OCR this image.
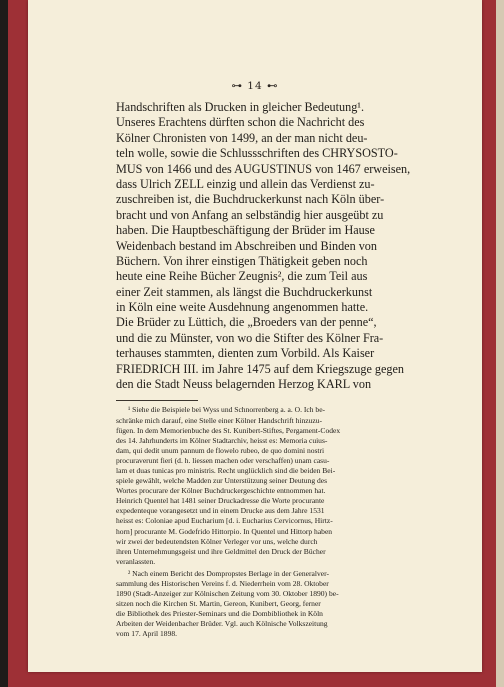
⊶ 14 ⊷
Handschriften als Drucken in gleicher Bedeutung¹.
Unseres Erachtens dürften schon die Nachricht des
Kölner Chronisten von 1499, an der man nicht deu-
teln wolle, sowie die Schlussschriften des CHRYSOSTO-
MUS von 1466 und des AUGUSTINUS von 1467 erweisen,
dass Ulrich ZELL einzig und allein das Verdienst zu-
zuschreiben ist, die Buchdruckerkunst nach Köln über-
bracht und von Anfang an selbständig hier ausgeübt zu
haben. Die Hauptbeschäftigung der Brüder im Hause
Weidenbach bestand im Abschreiben und Binden von
Büchern. Von ihrer einstigen Thätigkeit geben noch
heute eine Reihe Bücher Zeugnis², die zum Teil aus
einer Zeit stammen, als längst die Buchdruckerkunst
in Köln eine weite Ausdehnung angenommen hatte.
Die Brüder zu Lüttich, die „Broeders van der penne“,
und die zu Münster, von wo die Stifter des Kölner Fra-
terhauses stammten, dienten zum Vorbild. Als Kaiser
FRIEDRICH III. im Jahre 1475 auf dem Kriegszuge gegen
den die Stadt Neuss belagernden Herzog KARL von
¹ Siehe die Beispiele bei Wyss und Schnorrenberg a. a. O. Ich be-
schränke mich darauf, eine Stelle einer Kölner Handschrift hinzuzu-
fügen. In dem Memorienbuche des St. Kunibert-Stiftes, Pergament-Codex
des 14. Jahrhunderts im Kölner Stadtarchiv, heisst es: Memoria cuius-
dam, qui dedit unum pannum de flowelo rubeo, de quo domini nostri
procuraverunt fieri (d. h. liessen machen oder verschaffen) unam casu-
lam et duas tunicas pro ministris. Recht unglücklich sind die beiden Bei-
spiele gewählt, welche Madden zur Unterstützung seiner Deutung des
Wortes procurare der Kölner Buchdruckergeschichte entnommen hat.
Heinrich Quentel hat 1481 seiner Druckadresse die Worte procurante
expedenteque vorangesetzt und in einem Drucke aus dem Jahre 1531
heisst es: Coloniae apud Eucharium [d. i. Eucharius Cervicornus, Hirtz-
horn] procurante M. Godefrido Hittorpio. In Quentel und Hittorp haben
wir zwei der bedeutendsten Kölner Verleger vor uns, welche durch
ihren Unternehmungsgeist und ihre Geldmittel den Druck der Bücher
veranlassten.
² Nach einem Bericht des Dompropstes Berlage in der Generalver-
sammlung des Historischen Vereins f. d. Niederrhein vom 28. Oktober
1890 (Stadt-Anzeiger zur Kölnischen Zeitung vom 30. Oktober 1890) be-
sitzen noch die Kirchen St. Martin, Gereon, Kunibert, Georg, ferner
die Bibliothek des Priester-Seminars und die Dombibliothek in Köln
Arbeiten der Weidenbacher Brüder. Vgl. auch Kölnische Volkszeitung
vom 17. April 1898.
